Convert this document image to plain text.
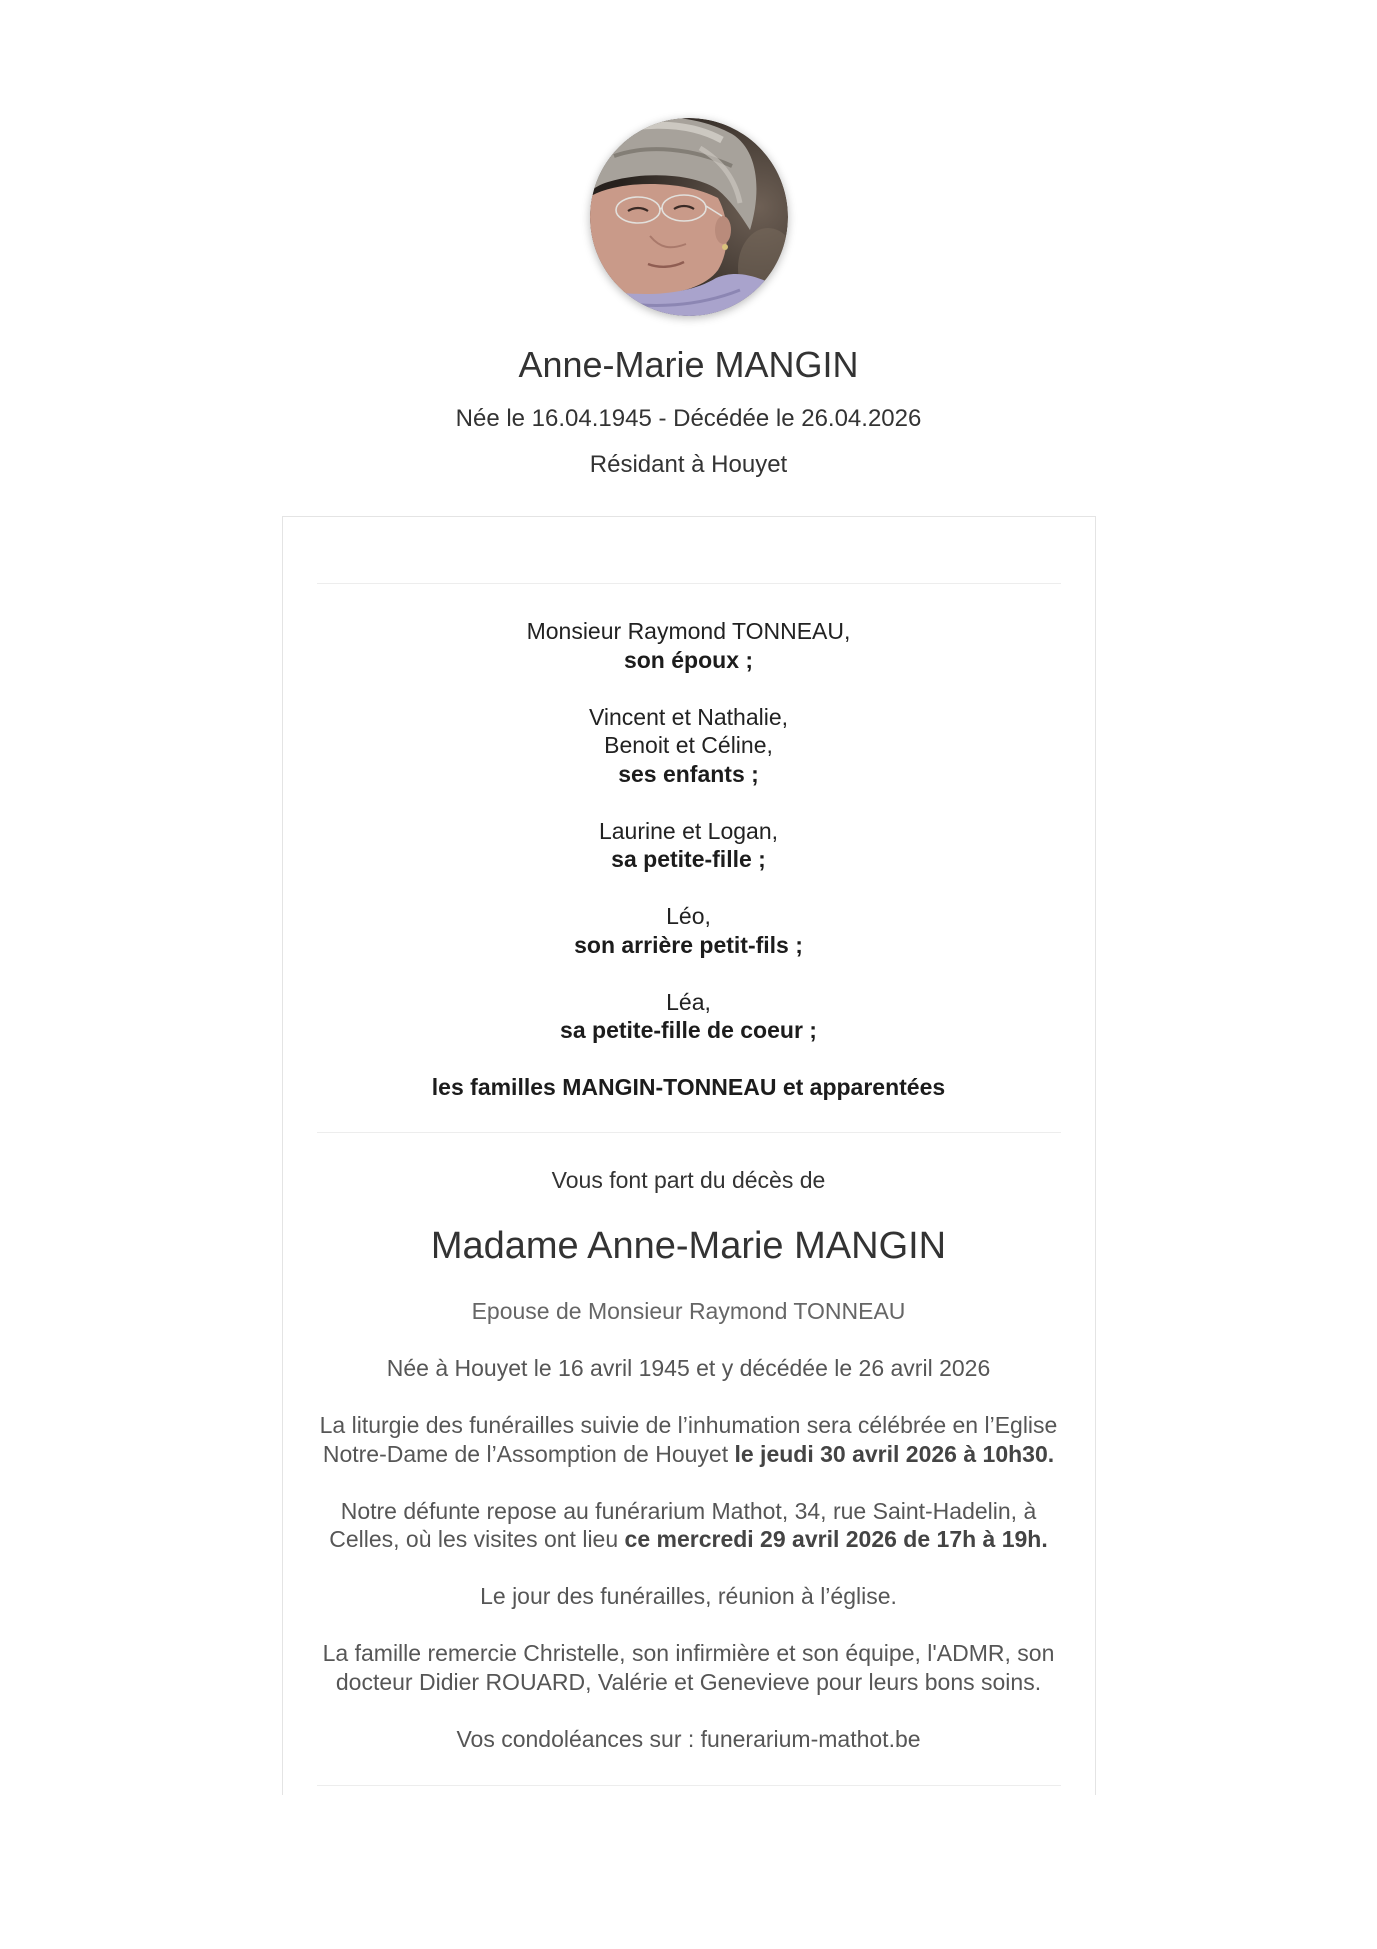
Anne-Marie MANGIN
Née le 16.04.1945 - Décédée le 26.04.2026
Résidant à Houyet
Monsieur Raymond TONNEAU,
son époux ;
Vincent et Nathalie,
Benoit et Céline,
ses enfants ;
Laurine et Logan,
sa petite-fille ;
Léo,
son arrière petit-fils ;
Léa,
sa petite-fille de coeur ;
les familles MANGIN-TONNEAU et apparentées

Vous font part du décès de

Madame Anne-Marie MANGIN

Epouse de Monsieur Raymond TONNEAU

Née à Houyet le 16 avril 1945 et y décédée le 26 avril 2026

La liturgie des funérailles suivie de l’inhumation sera célébrée en l’Eglise Notre-Dame de l’Assomption de Houyet le jeudi 30 avril 2026 à 10h30.

Notre défunte repose au funérarium Mathot, 34, rue Saint-Hadelin, à Celles, où les visites ont lieu ce mercredi 29 avril 2026 de 17h à 19h.

Le jour des funérailles, réunion à l’église.

La famille remercie Christelle, son infirmière et son équipe, l'ADMR, son docteur Didier ROUARD, Valérie et Genevieve pour leurs bons soins.

Vos condoléances sur : funerarium-mathot.be
